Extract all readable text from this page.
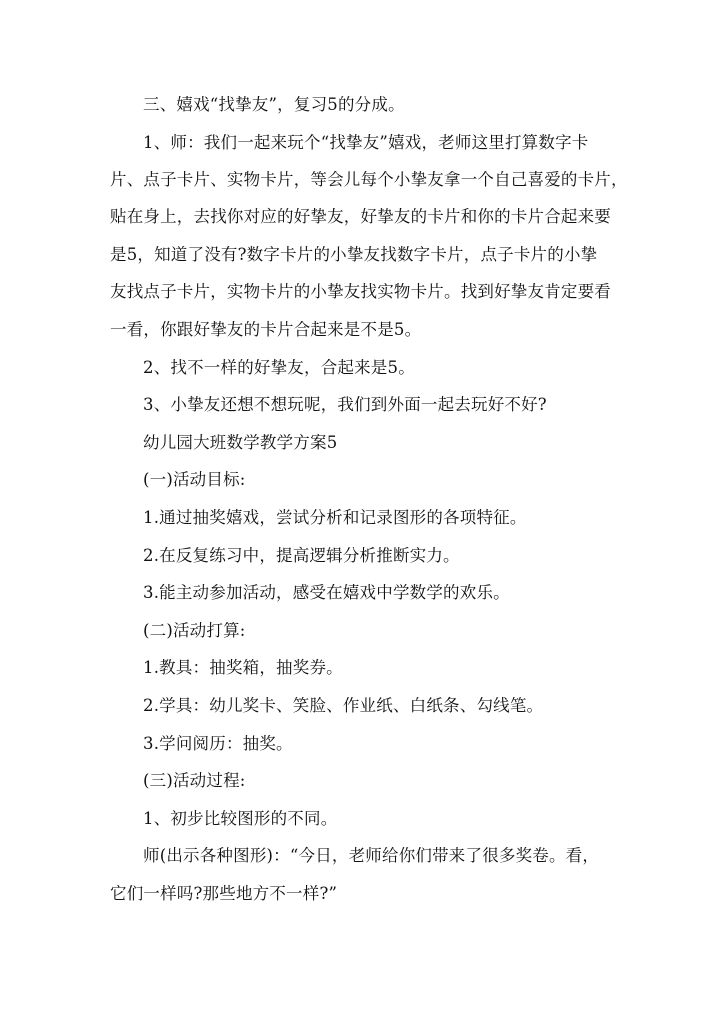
三、嬉戏“找挚友”，复习5的分成。
1、师：我们一起来玩个“找挚友”嬉戏，老师这里打算数字卡
片、点子卡片、实物卡片，等会儿每个小挚友拿一个自己喜爱的卡片，
贴在身上，去找你对应的好挚友，好挚友的卡片和你的卡片合起来要
是5，知道了没有?数字卡片的小挚友找数字卡片，点子卡片的小挚
友找点子卡片，实物卡片的小挚友找实物卡片。找到好挚友肯定要看
一看，你跟好挚友的卡片合起来是不是5。
2、找不一样的好挚友，合起来是5。
3、小挚友还想不想玩呢，我们到外面一起去玩好不好?
幼儿园大班数学教学方案5
(一)活动目标:
1.通过抽奖嬉戏，尝试分析和记录图形的各项特征。
2.在反复练习中，提高逻辑分析推断实力。
3.能主动参加活动，感受在嬉戏中学数学的欢乐。
(二)活动打算:
1.教具：抽奖箱，抽奖券。
2.学具：幼儿奖卡、笑脸、作业纸、白纸条、勾线笔。
3.学问阅历：抽奖。
(三)活动过程:
1、初步比较图形的不同。
师(出示各种图形)：“今日，老师给你们带来了很多奖卷。看，
它们一样吗?那些地方不一样?”
